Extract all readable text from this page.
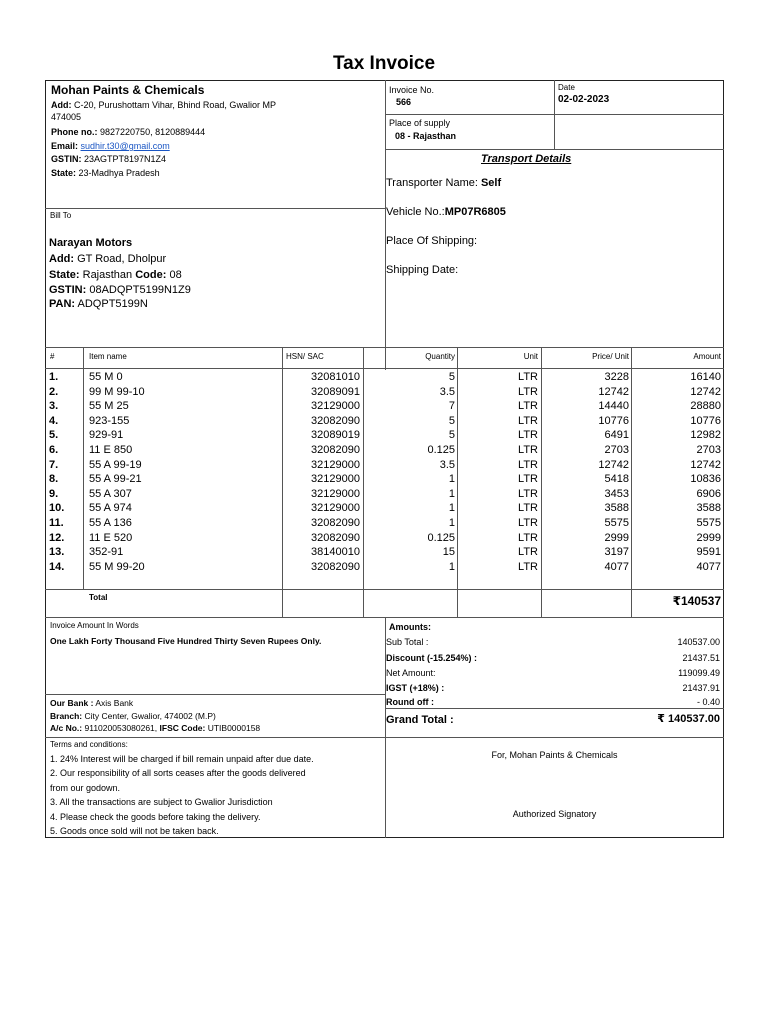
Tax Invoice
Mohan Paints & Chemicals
Add: C-20, Purushottam Vihar, Bhind Road, Gwalior MP
474005
Phone no.: 9827220750, 8120889444
Email: sudhir.t30@gmail.com
GSTIN: 23AGTPT8197N1Z4
State: 23-Madhya Pradesh
Invoice No.
566
Date
02-02-2023
Place of supply
08 - Rajasthan
Transport Details
Transporter Name: Self
Vehicle No.:MP07R6805
Place Of Shipping:
Shipping Date:
Bill To
Narayan Motors
Add: GT Road, Dholpur
State: Rajasthan Code: 08
GSTIN: 08ADQPT5199N1Z9
PAN: ADQPT5199N
#	Item name	HSN/ SAC	Quantity	Unit	Price/ Unit	Amount
1.	55 M 0	32081010	5	LTR	3228	16140
2.	99 M 99-10	32089091	3.5	LTR	12742	12742
3.	55 M 25	32129000	7	LTR	14440	28880
4.	923-155	32082090	5	LTR	10776	10776
5.	929-91	32089019	5	LTR	6491	12982
6.	11 E 850	32082090	0.125	LTR	2703	2703
7.	55 A 99-19	32129000	3.5	LTR	12742	12742
8.	55 A 99-21	32129000	1	LTR	5418	10836
9.	55 A 307	32129000	1	LTR	3453	6906
10.	55 A 974	32129000	1	LTR	3588	3588
11.	55 A 136	32082090	1	LTR	5575	5575
12.	11 E 520	32082090	0.125	LTR	2999	2999
13.	352-91	38140010	15	LTR	3197	9591
14.	55 M 99-20	32082090	1	LTR	4077	4077
Total	₹140537
Invoice Amount In Words
One Lakh Forty Thousand Five Hundred Thirty Seven Rupees Only.
Amounts:
Sub Total :	140537.00
Discount (-15.254%) :	21437.51
Net Amount:	119099.49
IGST (+18%) :	21437.91
Round off :	- 0.40
Grand Total :	₹ 140537.00
Our Bank : Axis Bank
Branch: City Center, Gwalior, 474002 (M.P)
A/c No.: 911020053080261, IFSC Code: UTIB0000158
Terms and conditions:
1. 24% Interest will be charged if bill remain unpaid after due date.
2. Our responsibility of all sorts ceases after the goods delivered
from our godown.
3. All the transactions are subject to Gwalior Jurisdiction
4. Please check the goods before taking the delivery.
5. Goods once sold will not be taken back.
For, Mohan Paints & Chemicals
Authorized Signatory
